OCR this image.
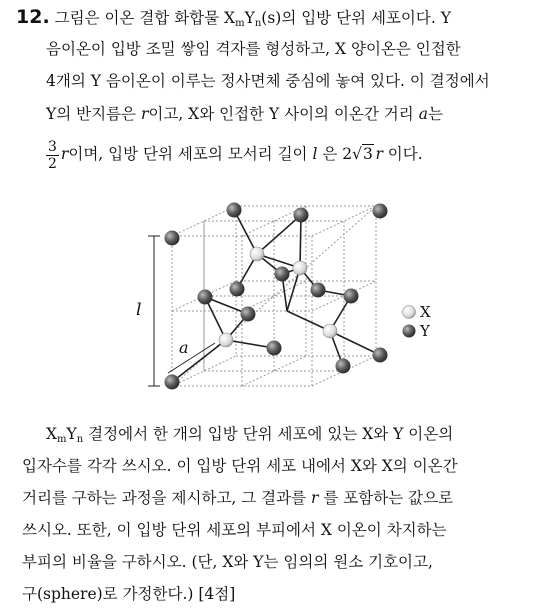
12. 그림은 이온 결합 화합물 $X_mY_n(s)$의 입방 단위 세포이다. Y
음이온이 입방 조밀 쌓임 격자를 형성하고, X 양이온은 인접한
4개의 Y 음이온이 이루는 정사면체 중심에 놓여 있다. 이 결정에서
Y의 반지름은 r이고, X와 인접한 Y 사이의 이온간 거리 a는
$\frac{3}{2}$ r이며, 입방 단위 세포의 모서리 길이 l 은 2√3  r 이다.
l
a
X
Y
$X_mY_n$ 결정에서 한 개의 입방 단위 세포에 있는 X와 Y 이온의
입자수를 각각 쓰시오. 이 입방 단위 세포 내에서 X와 X의 이온간
거리를 구하는 과정을 제시하고, 그 결과를 r 를 포함하는 값으로
쓰시오. 또한, 이 입방 단위 세포의 부피에서 X 이온이 차지하는
부피의 비율을 구하시오. (단, X와 Y는 임의의 원소 기호이고,
구(sphere)로 가정한다.) [4점]
